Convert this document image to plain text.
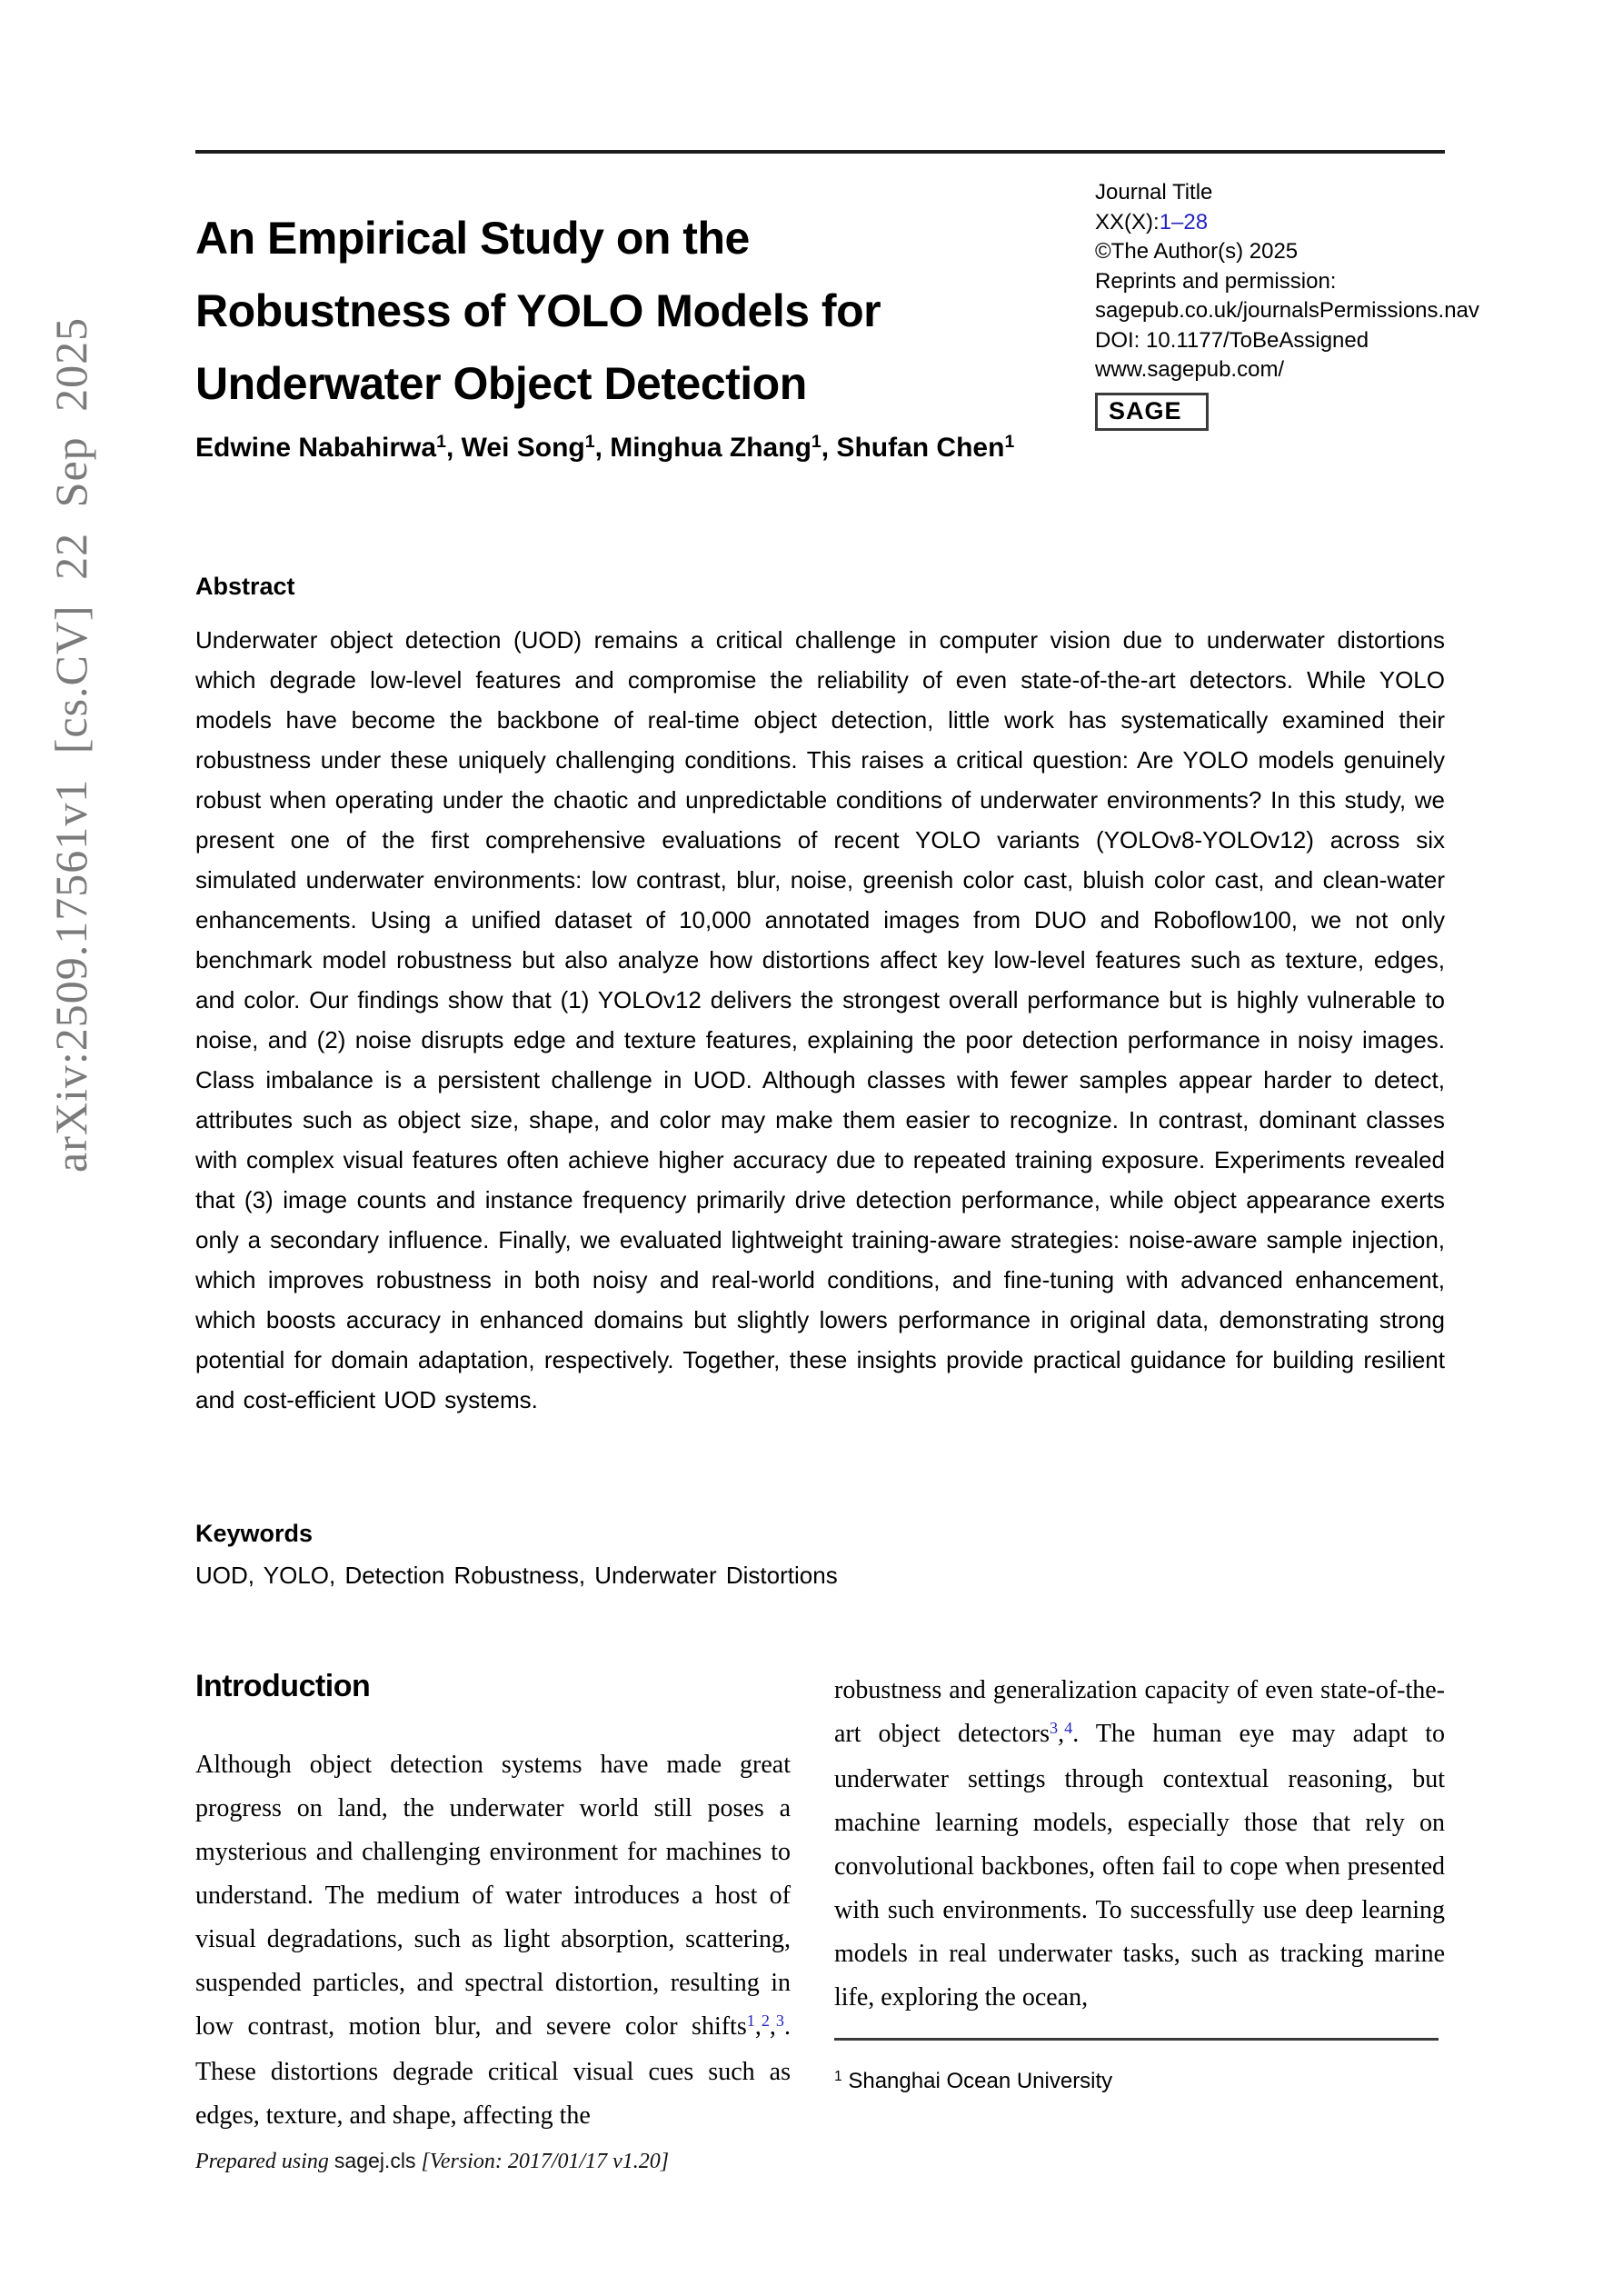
arXiv:2509.17561v1 [cs.CV] 22 Sep 2025
An Empirical Study on the
Robustness of YOLO Models for
Underwater Object Detection
Journal Title
XX(X):1–28
©The Author(s) 2025
Reprints and permission:
sagepub.co.uk/journalsPermissions.nav
DOI: 10.1177/ToBeAssigned
www.sagepub.com/
SAGE
Edwine Nabahirwa$^1$, Wei Song$^1$, Minghua Zhang$^1$, Shufan Chen$^1$
Abstract
Underwater object detection (UOD) remains a critical challenge in computer vision due to underwater distortions which degrade low-level features and compromise the reliability of even state-of-the-art detectors. While YOLO models have become the backbone of real-time object detection, little work has systematically examined their robustness under these uniquely challenging conditions. This raises a critical question: Are YOLO models genuinely robust when operating under the chaotic and unpredictable conditions of underwater environments? In this study, we present one of the first comprehensive evaluations of recent YOLO variants (YOLOv8-YOLOv12) across six simulated underwater environments: low contrast, blur, noise, greenish color cast, bluish color cast, and clean-water enhancements. Using a unified dataset of 10,000 annotated images from DUO and Roboflow100, we not only benchmark model robustness but also analyze how distortions affect key low-level features such as texture, edges, and color. Our findings show that (1) YOLOv12 delivers the strongest overall performance but is highly vulnerable to noise, and (2) noise disrupts edge and texture features, explaining the poor detection performance in noisy images. Class imbalance is a persistent challenge in UOD. Although classes with fewer samples appear harder to detect, attributes such as object size, shape, and color may make them easier to recognize. In contrast, dominant classes with complex visual features often achieve higher accuracy due to repeated training exposure. Experiments revealed that (3) image counts and instance frequency primarily drive detection performance, while object appearance exerts only a secondary influence. Finally, we evaluated lightweight training-aware strategies: noise-aware sample injection, which improves robustness in both noisy and real-world conditions, and fine-tuning with advanced enhancement, which boosts accuracy in enhanced domains but slightly lowers performance in original data, demonstrating strong potential for domain adaptation, respectively. Together, these insights provide practical guidance for building resilient and cost-efficient UOD systems.
Keywords
UOD, YOLO, Detection Robustness, Underwater Distortions
Introduction
Although object detection systems have made great progress on land, the underwater world still poses a mysterious and challenging environment for machines to understand. The medium of water introduces a host of visual degradations, such as light absorption, scattering, suspended particles, and spectral distortion, resulting in low contrast, motion blur, and severe color shifts$^1$,$^2$,$^3$. These distortions degrade critical visual cues such as edges, texture, and shape, affecting the
robustness and generalization capacity of even state-of-the-art object detectors$^3$,$^4$. The human eye may adapt to underwater settings through contextual reasoning, but machine learning models, especially those that rely on convolutional backbones, often fail to cope when presented with such environments. To successfully use deep learning models in real underwater tasks, such as tracking marine life, exploring the ocean,
$^1$ Shanghai Ocean University
Prepared using sagej.cls [Version: 2017/01/17 v1.20]
